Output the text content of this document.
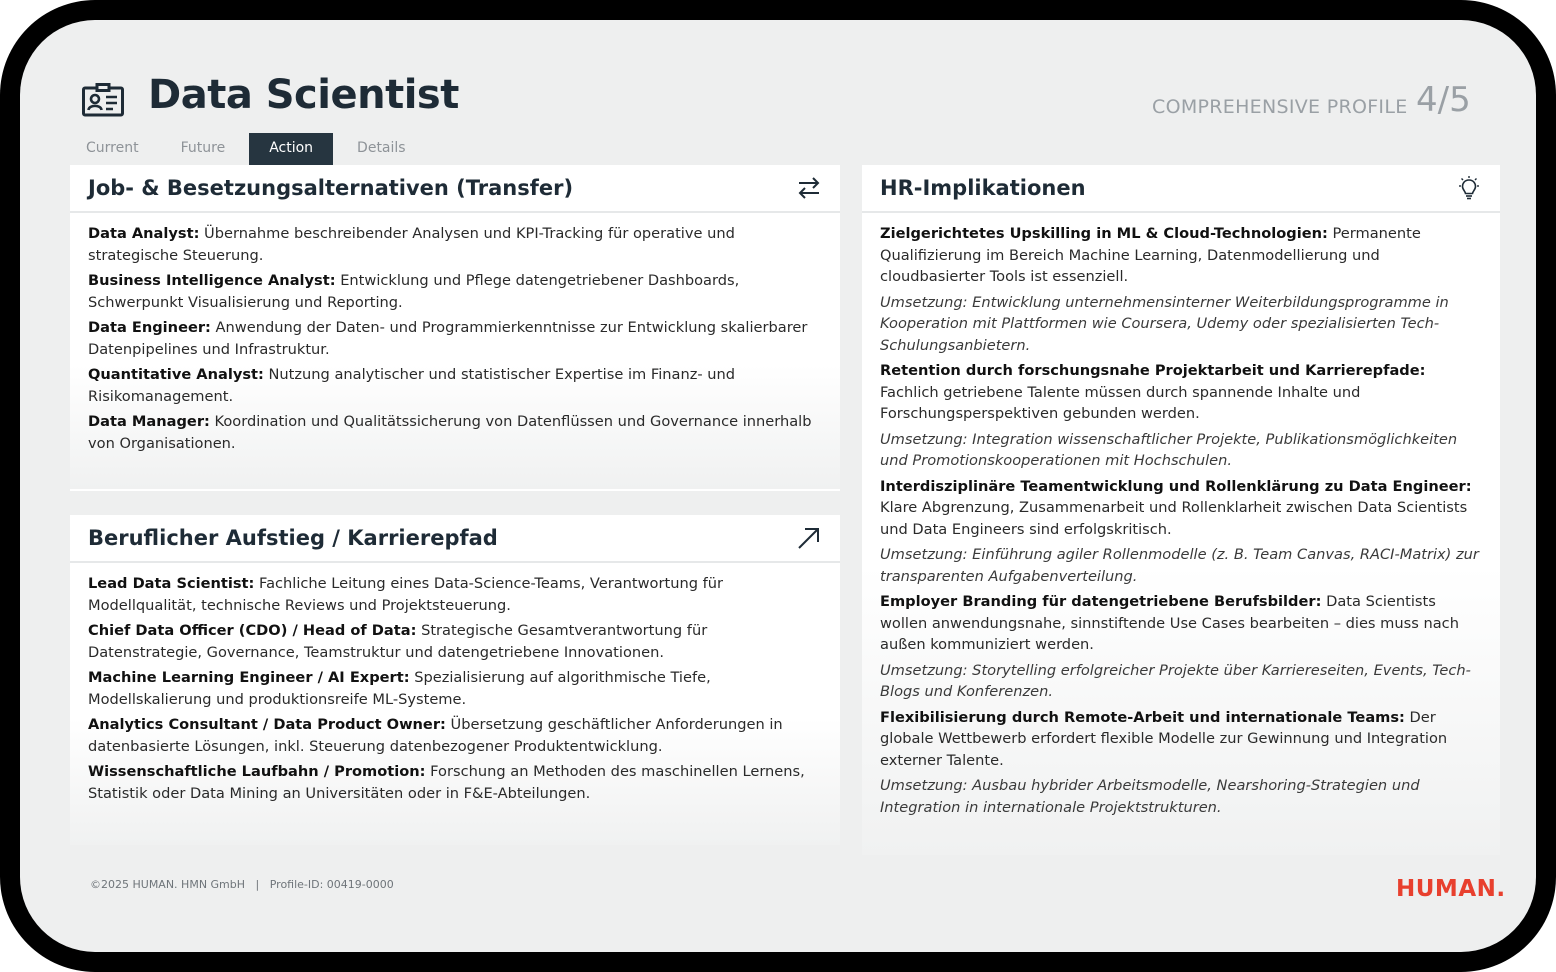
Data Scientist	COMPREHENSIVE PROFILE 4/5
Current	Future	Action	Details
Job- & Besetzungsalternativen (Transfer)
Data Analyst: Übernahme beschreibender Analysen und KPI-Tracking für operative und strategische Steuerung.
Business Intelligence Analyst: Entwicklung und Pflege datengetriebener Dashboards, Schwerpunkt Visualisierung und Reporting.
Data Engineer: Anwendung der Daten- und Programmierkenntnisse zur Entwicklung skalierbarer Datenpipelines und Infrastruktur.
Quantitative Analyst: Nutzung analytischer und statistischer Expertise im Finanz- und Risikomanagement.
Data Manager: Koordination und Qualitätssicherung von Datenflüssen und Governance innerhalb von Organisationen.
Beruflicher Aufstieg / Karrierepfad
Lead Data Scientist: Fachliche Leitung eines Data-Science-Teams, Verantwortung für Modellqualität, technische Reviews und Projektsteuerung.
Chief Data Officer (CDO) / Head of Data: Strategische Gesamtverantwortung für Datenstrategie, Governance, Teamstruktur und datengetriebene Innovationen.
Machine Learning Engineer / AI Expert: Spezialisierung auf algorithmische Tiefe, Modellskalierung und produktionsreife ML-Systeme.
Analytics Consultant / Data Product Owner: Übersetzung geschäftlicher Anforderungen in datenbasierte Lösungen, inkl. Steuerung datenbezogener Produktentwicklung.
Wissenschaftliche Laufbahn / Promotion: Forschung an Methoden des maschinellen Lernens, Statistik oder Data Mining an Universitäten oder in F&E-Abteilungen.
HR-Implikationen
Zielgerichtetes Upskilling in ML & Cloud-Technologien: Permanente Qualifizierung im Bereich Machine Learning, Datenmodellierung und cloudbasierter Tools ist essenziell.
Umsetzung: Entwicklung unternehmensinterner Weiterbildungsprogramme in Kooperation mit Plattformen wie Coursera, Udemy oder spezialisierten Tech-Schulungsanbietern.
Retention durch forschungsnahe Projektarbeit und Karrierepfade: Fachlich getriebene Talente müssen durch spannende Inhalte und Forschungsperspektiven gebunden werden.
Umsetzung: Integration wissenschaftlicher Projekte, Publikationsmöglichkeiten und Promotionskooperationen mit Hochschulen.
Interdisziplinäre Teamentwicklung und Rollenklärung zu Data Engineer: Klare Abgrenzung, Zusammenarbeit und Rollenklarheit zwischen Data Scientists und Data Engineers sind erfolgskritisch.
Umsetzung: Einführung agiler Rollenmodelle (z. B. Team Canvas, RACI-Matrix) zur transparenten Aufgabenverteilung.
Employer Branding für datengetriebene Berufsbilder: Data Scientists wollen anwendungsnahe, sinnstiftende Use Cases bearbeiten – dies muss nach außen kommuniziert werden.
Umsetzung: Storytelling erfolgreicher Projekte über Karriereseiten, Events, Tech-Blogs und Konferenzen.
Flexibilisierung durch Remote-Arbeit und internationale Teams: Der globale Wettbewerb erfordert flexible Modelle zur Gewinnung und Integration externer Talente.
Umsetzung: Ausbau hybrider Arbeitsmodelle, Nearshoring-Strategien und Integration in internationale Projektstrukturen.
©2025 HUMAN. HMN GmbH   |   Profile-ID: 00419-0000	HUMAN.
